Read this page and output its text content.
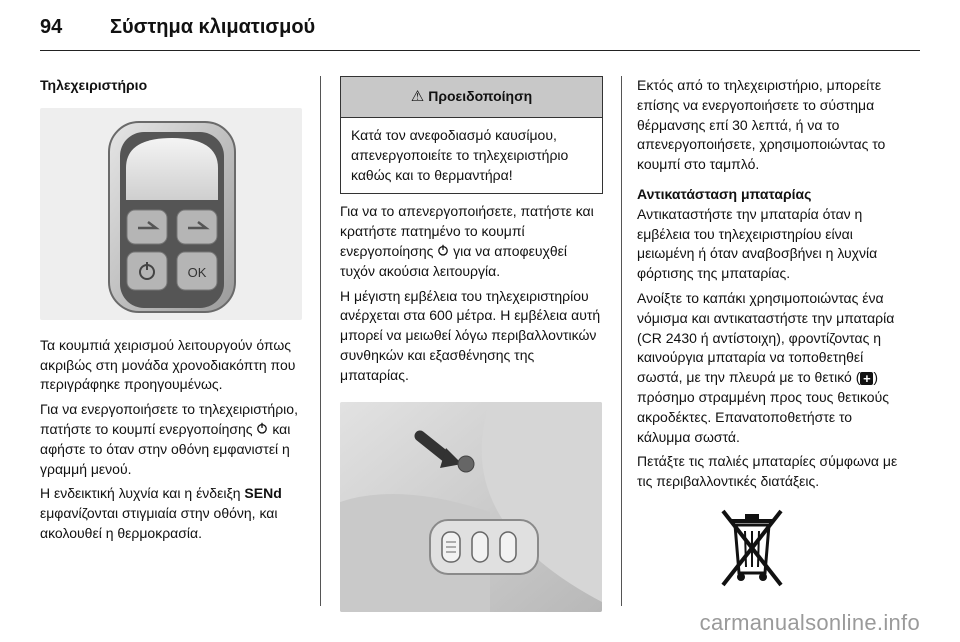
94	Σύστημα κλιματισμού
Τηλεχειριστήριο
OK

Τα κουμπιά χειρισμού λειτουργούν όπως ακριβώς στη μονάδα χρονοδιακόπτη που περιγράφηκε προηγουμένως.

Για να ενεργοποιήσετε το τηλεχειριστήριο, πατήστε το κουμπί ενεργοποίησης και αφήστε το όταν στην οθόνη εμφανιστεί η γραμμή μενού.

Η ενδεικτική λυχνία και η ένδειξη SENd εμφανίζονται στιγμιαία στην οθόνη, και ακολουθεί η θερμοκρασία.

⚠ Προειδοποίηση
Κατά τον ανεφοδιασμό καυσίμου, απενεργοποιείτε το τηλεχειριστήριο καθώς και το θερμαντήρα!

Για να το απενεργοποιήσετε, πατήστε και κρατήστε πατημένο το κουμπί ενεργοποίησης για να αποφευχθεί τυχόν ακούσια λειτουργία.

Η μέγιστη εμβέλεια του τηλεχειριστηρίου ανέρχεται στα 600 μέτρα. Η εμβέλεια αυτή μπορεί να μειωθεί λόγω περιβαλλοντικών συνθηκών και εξασθένησης της μπαταρίας.

Εκτός από το τηλεχειριστήριο, μπορείτε επίσης να ενεργοποιήσετε το σύστημα θέρμανσης επί 30 λεπτά, ή να το απενεργοποιήσετε, χρησιμοποιώντας το κουμπί στο ταμπλό.

Αντικατάσταση μπαταρίας

Αντικαταστήστε την μπαταρία όταν η εμβέλεια του τηλεχειριστηρίου είναι μειωμένη ή όταν αναβοσβήνει η λυχνία φόρτισης της μπαταρίας.

Ανοίξτε το καπάκι χρησιμοποιώντας ένα νόμισμα και αντικαταστήστε την μπαταρία (CR 2430 ή αντίστοιχη), φροντίζοντας η καινούργια μπαταρία να τοποθετηθεί σωστά, με την πλευρά με το θετικό ( + ) πρόσημο στραμμένη προς τους θετικούς ακροδέκτες. Επανατοποθετήστε το κάλυμμα σωστά.

Πετάξτε τις παλιές μπαταρίες σύμφωνα με τις περιβαλλοντικές διατάξεις.

carmanualsonline.info
